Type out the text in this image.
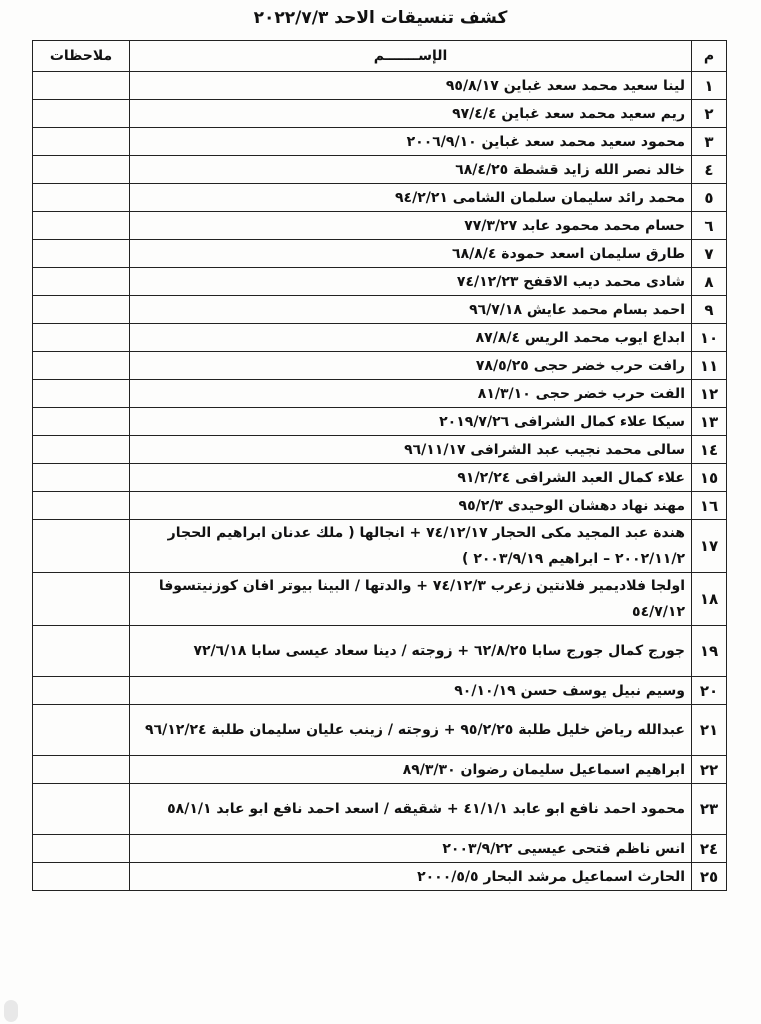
كشف تنسيقات الاحد ٢٠٢٢/٧/٣
م	الإســـــــم	ملاحظات
١	لينا سعيد محمد سعد غباين ٩٥/٨/١٧	
٢	ريم سعيد محمد سعد غباين ٩٧/٤/٤	
٣	محمود سعيد محمد سعد غباين ٢٠٠٦/٩/١٠	
٤	خالد نصر الله زايد قشطة ٦٨/٤/٢٥	
٥	محمد رائد سليمان سلمان الشامى ٩٤/٢/٢١	
٦	حسام محمد محمود عابد ٧٧/٣/٢٧	
٧	طارق سليمان اسعد حمودة ٦٨/٨/٤	
٨	شادى محمد ديب الاقفح ٧٤/١٢/٢٣	
٩	احمد بسام محمد عايش ٩٦/٧/١٨	
١٠	ابداع ايوب محمد الريس ٨٧/٨/٤	
١١	رافت حرب خضر حجى ٧٨/٥/٢٥	
١٢	الفت حرب خضر حجى ٨١/٣/١٠	
١٣	سيكا علاء كمال الشرافى ٢٠١٩/٧/٢٦	
١٤	سالى محمد نجيب عبد الشرافى ٩٦/١١/١٧	
١٥	علاء كمال العبد الشرافى ٩١/٢/٢٤	
١٦	مهند نهاد دهشان الوحيدى ٩٥/٢/٣	
١٧	هندة عبد المجيد مكى الحجار ٧٤/١٢/١٧ + انجالها ( ملك عدنان ابراهيم الحجار ٢٠٠٢/١١/٢ – ابراهيم ٢٠٠٣/٩/١٩ )	
١٨	اولجا فلاديمير فلانتين زعرب ٧٤/١٢/٣ + والدتها / البينا بيوتر افان كوزنيتسوفا ٥٤/٧/١٢	
١٩	جورج كمال جورج سابا ٦٢/٨/٢٥ + زوجته / دينا سعاد عيسى سابا ٧٢/٦/١٨	
٢٠	وسيم نبيل يوسف حسن ٩٠/١٠/١٩	
٢١	عبدالله رياض خليل طلبة ٩٥/٢/٢٥ + زوجته / زينب عليان سليمان طلبة ٩٦/١٢/٢٤	
٢٢	ابراهيم اسماعيل سليمان رضوان ٨٩/٣/٣٠	
٢٣	محمود احمد نافع ابو عابد ٤١/١/١ + شقيقه / اسعد احمد نافع ابو عابد ٥٨/١/١	
٢٤	انس ناظم فتحى عيسيى ٢٠٠٣/٩/٢٢	
٢٥	الحارث اسماعيل مرشد البحار ٢٠٠٠/٥/٥	
